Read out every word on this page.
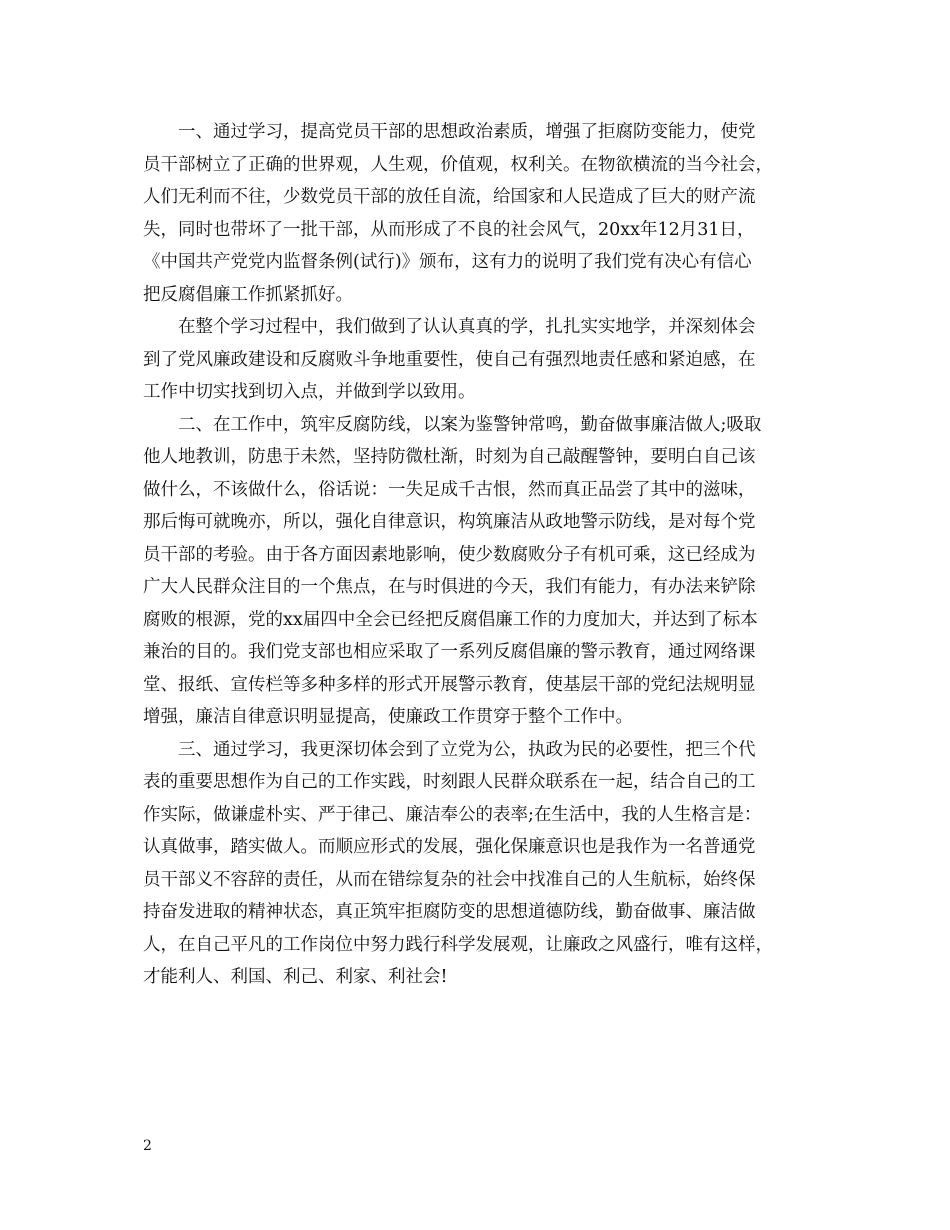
一、通过学习，提高党员干部的思想政治素质，增强了拒腐防变能力，使党
员干部树立了正确的世界观，人生观，价值观，权利关。在物欲横流的当今社会，
人们无利而不往，少数党员干部的放任自流，给国家和人民造成了巨大的财产流
失，同时也带坏了一批干部，从而形成了不良的社会风气，20xx年12月31日，
《中国共产党党内监督条例(试行)》颁布，这有力的说明了我们党有决心有信心
把反腐倡廉工作抓紧抓好。
在整个学习过程中，我们做到了认认真真的学，扎扎实实地学，并深刻体会
到了党风廉政建设和反腐败斗争地重要性，使自己有强烈地责任感和紧迫感，在
工作中切实找到切入点，并做到学以致用。
二、在工作中，筑牢反腐防线，以案为鉴警钟常鸣，勤奋做事廉洁做人;吸取
他人地教训，防患于未然，坚持防微杜渐，时刻为自己敲醒警钟，要明白自己该
做什么，不该做什么，俗话说：一失足成千古恨，然而真正品尝了其中的滋味，
那后悔可就晚亦，所以，强化自律意识，构筑廉洁从政地警示防线，是对每个党
员干部的考验。由于各方面因素地影响，使少数腐败分子有机可乘，这已经成为
广大人民群众注目的一个焦点，在与时俱进的今天，我们有能力，有办法来铲除
腐败的根源，党的xx届四中全会已经把反腐倡廉工作的力度加大，并达到了标本
兼治的目的。我们党支部也相应采取了一系列反腐倡廉的警示教育，通过网络课
堂、报纸、宣传栏等多种多样的形式开展警示教育，使基层干部的党纪法规明显
增强，廉洁自律意识明显提高，使廉政工作贯穿于整个工作中。
三、通过学习，我更深切体会到了立党为公，执政为民的必要性，把三个代
表的重要思想作为自己的工作实践，时刻跟人民群众联系在一起，结合自己的工
作实际，做谦虚朴实、严于律己、廉洁奉公的表率;在生活中，我的人生格言是：
认真做事，踏实做人。而顺应形式的发展，强化保廉意识也是我作为一名普通党
员干部义不容辞的责任，从而在错综复杂的社会中找准自己的人生航标，始终保
持奋发进取的精神状态，真正筑牢拒腐防变的思想道德防线，勤奋做事、廉洁做
人，在自己平凡的工作岗位中努力践行科学发展观，让廉政之风盛行，唯有这样，
才能利人、利国、利己、利家、利社会!
2
